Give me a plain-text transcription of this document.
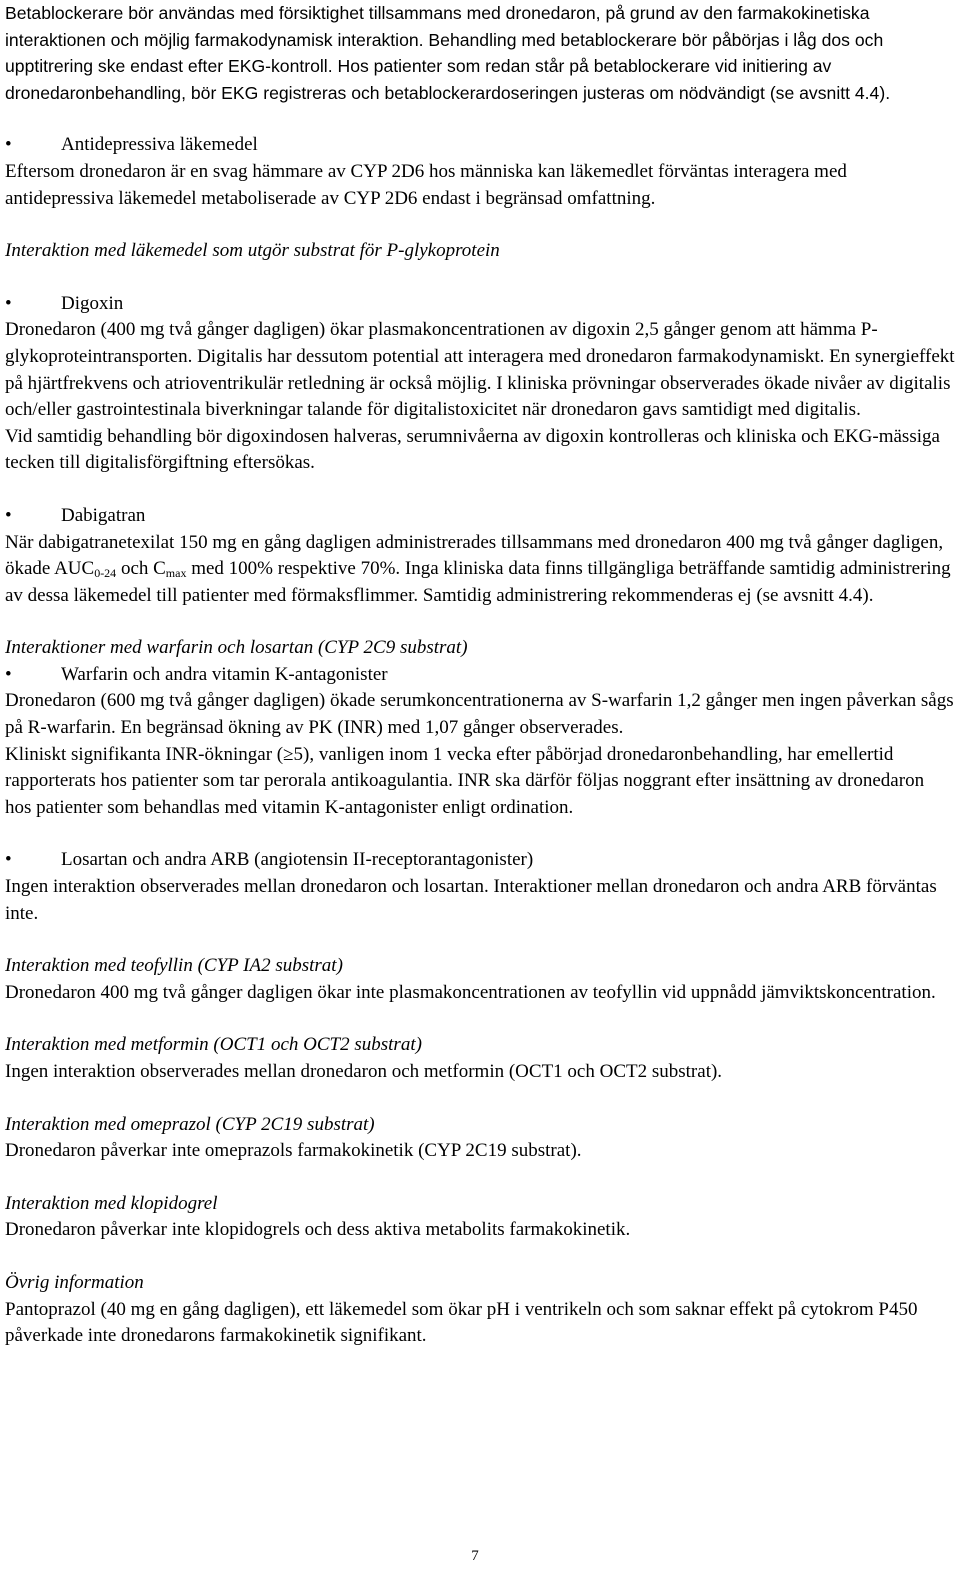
Betablockerare bör användas med försiktighet tillsammans med dronedaron, på grund av den farmakokinetiska interaktionen och möjlig farmakodynamisk interaktion. Behandling med betablockerare bör påbörjas i låg dos och upptitrering ske endast efter EKG-kontroll. Hos patienter som redan står på betablockerare vid initiering av dronedaronbehandling, bör EKG registreras och betablockerardoseringen justeras om nödvändigt (se avsnitt 4.4).

•	Antidepressiva läkemedel

Eftersom dronedaron är en svag hämmare av CYP 2D6 hos människa kan läkemedlet förväntas interagera med antidepressiva läkemedel metaboliserade av CYP 2D6 endast i begränsad omfattning.

Interaktion med läkemedel som utgör substrat för P-glykoprotein

•	Digoxin

Dronedaron (400 mg två gånger dagligen) ökar plasmakoncentrationen av digoxin 2,5 gånger genom att hämma P-glykoproteintransporten. Digitalis har dessutom potential att interagera med dronedaron farmakodynamiskt. En synergieffekt på hjärtfrekvens och atrioventrikulär retledning är också möjlig. I kliniska prövningar observerades ökade nivåer av digitalis och/eller gastrointestinala biverkningar talande för digitalistoxicitet när dronedaron gavs samtidigt med digitalis.

Vid samtidig behandling bör digoxindosen halveras, serumnivåerna av digoxin kontrolleras och kliniska och EKG-mässiga tecken till digitalisförgiftning eftersökas.

•	Dabigatran

När dabigatranetexilat 150 mg en gång dagligen administrerades tillsammans med dronedaron 400 mg två gånger dagligen, ökade $AUC_{0-24}$ och $C_{max}$ med 100% respektive 70%. Inga kliniska data finns tillgängliga beträffande samtidig administrering av dessa läkemedel till patienter med förmaksflimmer. Samtidig administrering rekommenderas ej (se avsnitt 4.4).

Interaktioner med warfarin och losartan (CYP 2C9 substrat)

•	Warfarin och andra vitamin K-antagonister

Dronedaron (600 mg två gånger dagligen) ökade serumkoncentrationerna av S-warfarin 1,2 gånger men ingen påverkan sågs på R-warfarin. En begränsad ökning av PK (INR) med 1,07 gånger observerades.

Kliniskt signifikanta INR-ökningar (≥5), vanligen inom 1 vecka efter påbörjad dronedaronbehandling, har emellertid rapporterats hos patienter som tar perorala antikoagulantia. INR ska därför följas noggrant efter insättning av dronedaron hos patienter som behandlas med vitamin K-antagonister enligt ordination.

•	Losartan och andra ARB (angiotensin II-receptorantagonister)

Ingen interaktion observerades mellan dronedaron och losartan. Interaktioner mellan dronedaron och andra ARB förväntas inte.

Interaktion med teofyllin (CYP IA2 substrat)

Dronedaron 400 mg två gånger dagligen ökar inte plasmakoncentrationen av teofyllin vid uppnådd jämviktskoncentration.

Interaktion med metformin (OCT1 och OCT2 substrat)

Ingen interaktion observerades mellan dronedaron och metformin (OCT1 och OCT2 substrat).

Interaktion med omeprazol (CYP 2C19 substrat)

Dronedaron påverkar inte omeprazols farmakokinetik (CYP 2C19 substrat).

Interaktion med klopidogrel

Dronedaron påverkar inte klopidogrels och dess aktiva metabolits farmakokinetik.

Övrig information

Pantoprazol (40 mg en gång dagligen), ett läkemedel som ökar pH i ventrikeln och som saknar effekt på cytokrom P450 påverkade inte dronedarons farmakokinetik signifikant.

7
